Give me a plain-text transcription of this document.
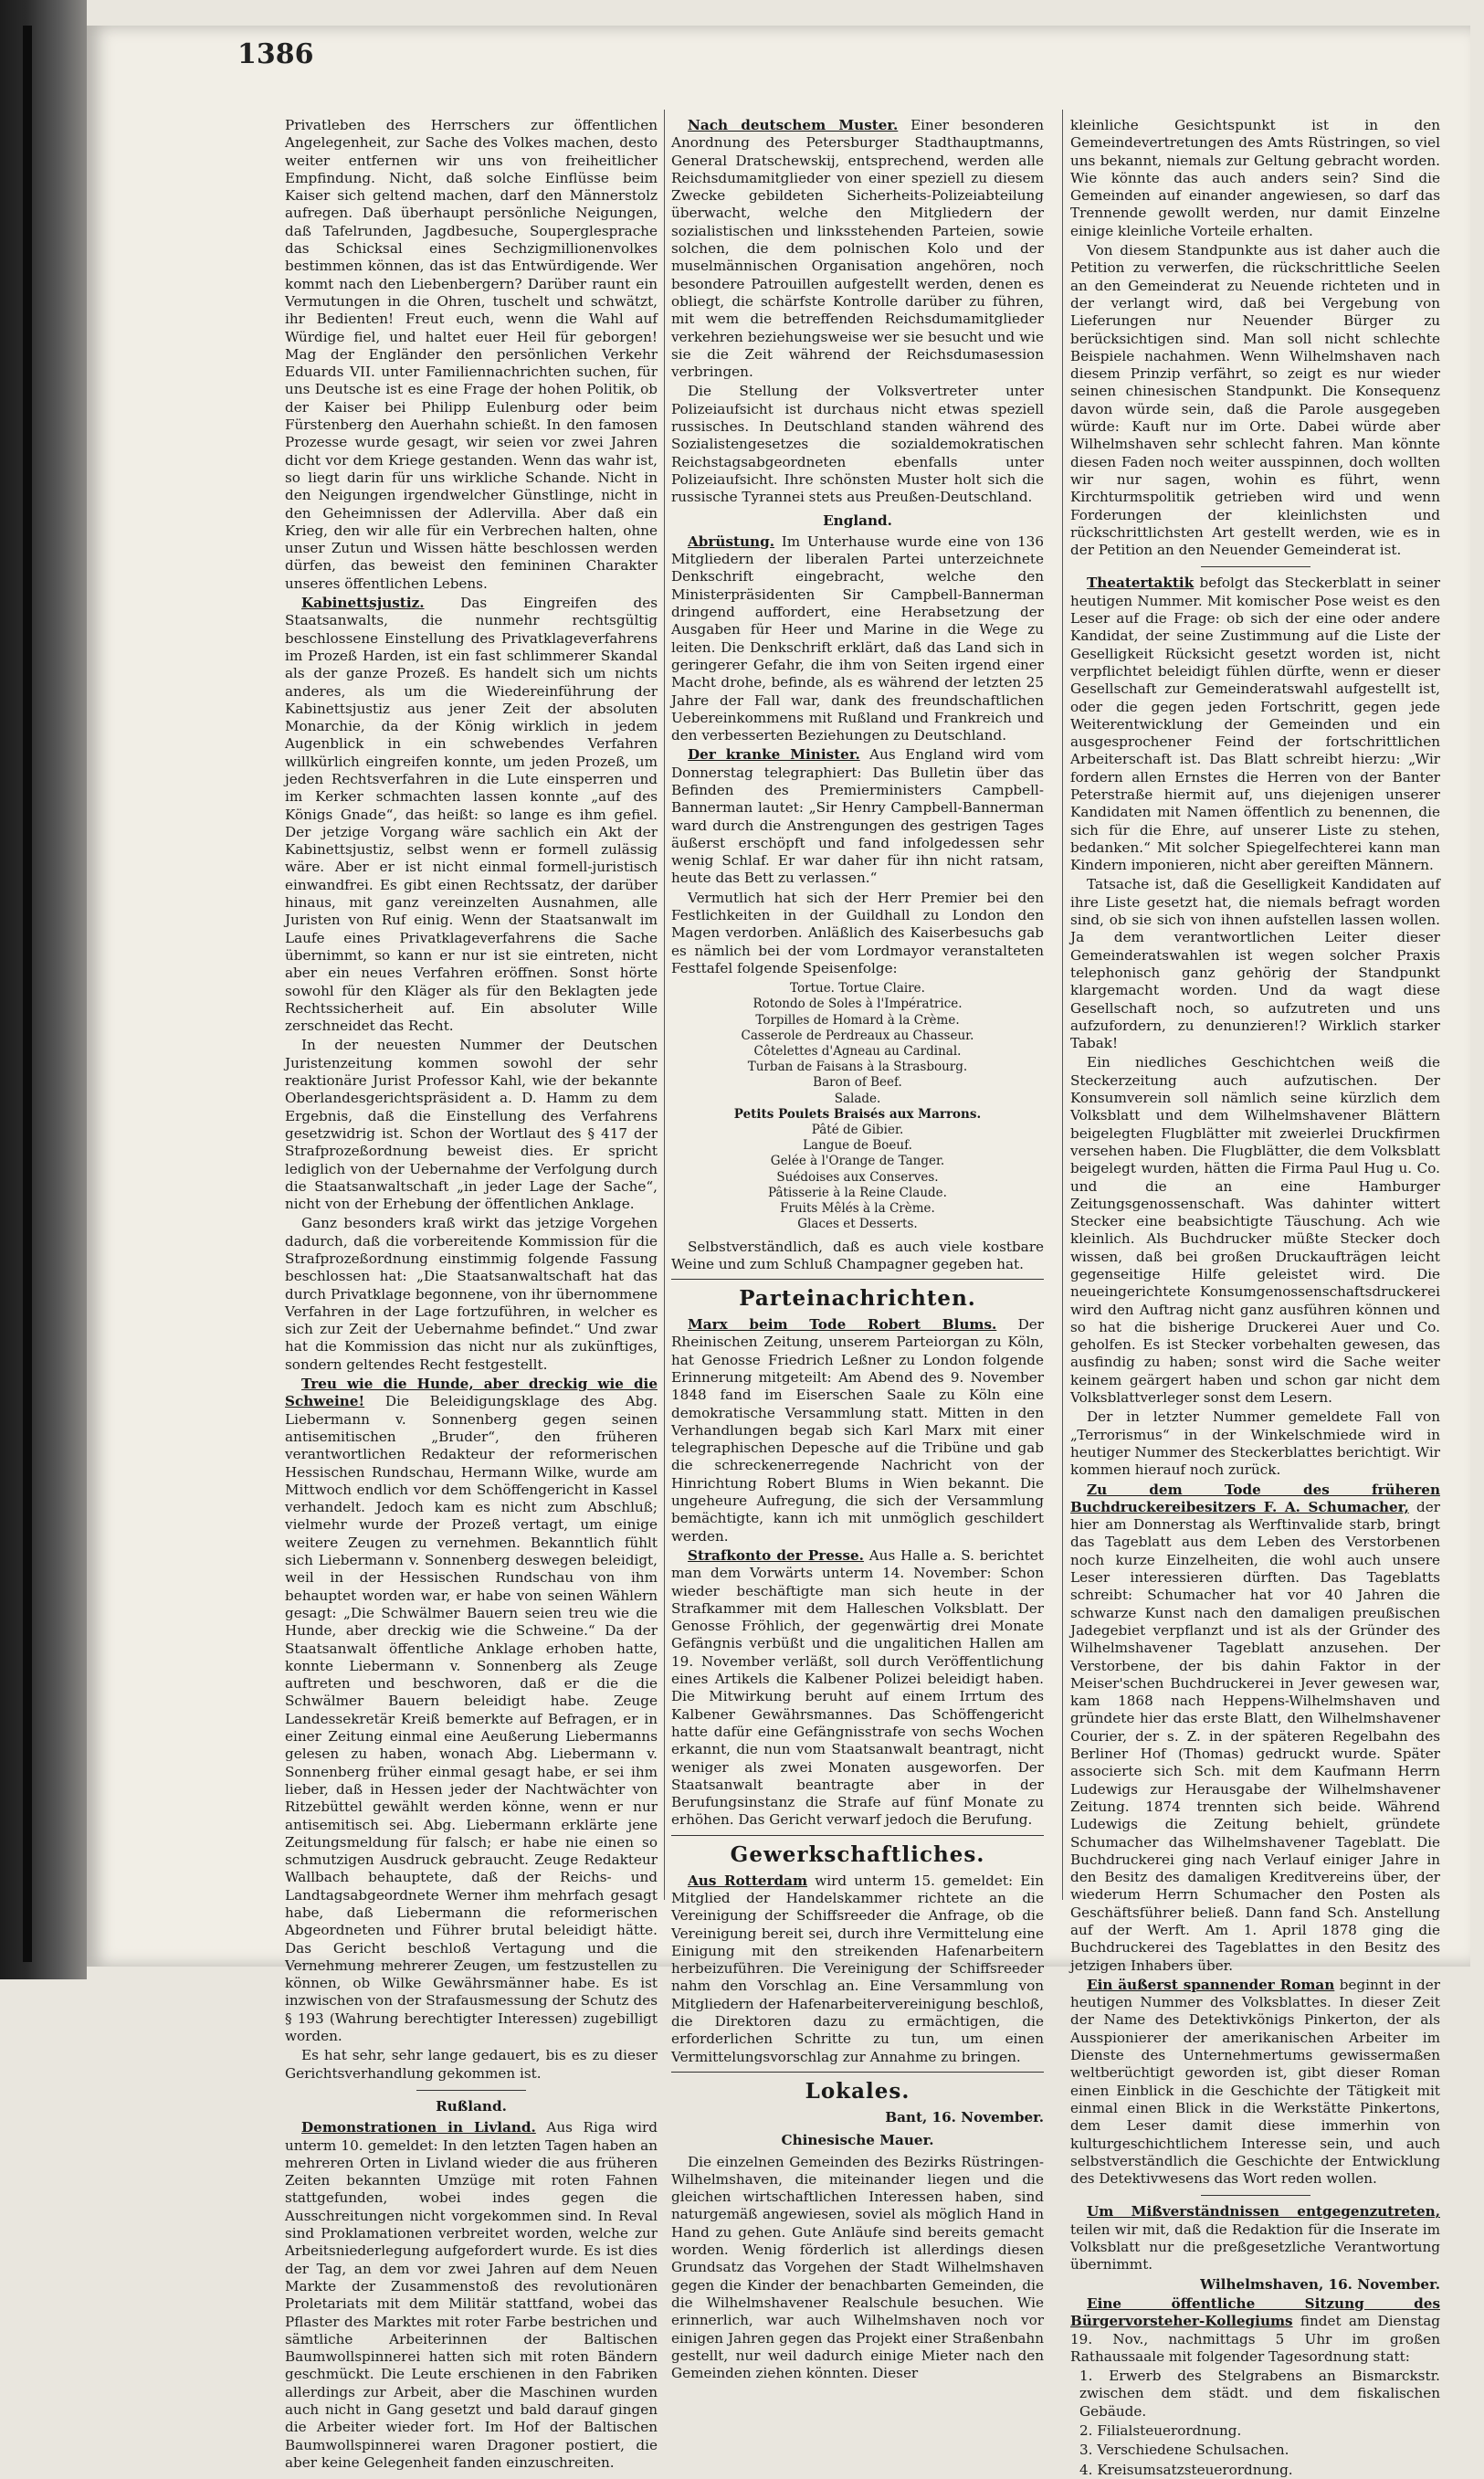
1386

Privatleben des Herrschers zur öffentlichen Angelegenheit, zur Sache des Volkes machen, desto weiter entfernen wir uns von freiheitlicher Empfindung. Nicht, daß solche Einflüsse beim Kaiser sich geltend machen, darf den Männerstolz aufregen. Daß überhaupt persönliche Neigungen, daß Tafelrunden, Jagdbesuche, Souperglesprache das Schicksal eines Sechzigmillionenvolkes bestimmen können, das ist das Entwürdigende. Wer kommt nach den Liebenbergern? Darüber raunt ein Vermutungen in die Ohren, tuschelt und schwätzt, ihr Bedienten! Freut euch, wenn die Wahl auf Würdige fiel, und haltet euer Heil für geborgen! Mag der Engländer den persönlichen Verkehr Eduards VII. unter Familiennachrichten suchen, für uns Deutsche ist es eine Frage der hohen Politik, ob der Kaiser bei Philipp Eulenburg oder beim Fürstenberg den Auerhahn schießt. In den famosen Prozesse wurde gesagt, wir seien vor zwei Jahren dicht vor dem Kriege gestanden. Wenn das wahr ist, so liegt darin für uns wirkliche Schande. Nicht in den Neigungen irgendwelcher Günstlinge, nicht in den Geheimnissen der Adlervilla. Aber daß ein Krieg, den wir alle für ein Verbrechen halten, ohne unser Zutun und Wissen hätte beschlossen werden dürfen, das beweist den femininen Charakter unseres öffentlichen Lebens.

Kabinettsjustiz.	Das Eingreifen des Staatsanwalts, die nunmehr rechtsgültig beschlossene Einstellung des Privatklageverfahrens im Prozeß Harden, ist ein fast schlimmerer Skandal als der ganze Prozeß. Es handelt sich um nichts anderes, als um die Wiedereinführung der Kabinettsjustiz aus jener Zeit der absoluten Monarchie, da der König wirklich in jedem Augenblick in ein schwebendes Verfahren willkürlich eingreifen konnte, um jeden Prozeß, um jeden Rechtsverfahren in die Lute einsperren und im Kerker schmachten lassen konnte „auf des Königs Gnade“, das heißt: so lange es ihm gefiel. Der jetzige Vorgang wäre sachlich ein Akt der Kabinettsjustiz, selbst wenn er formell zulässig wäre. Aber er ist nicht einmal formell-juristisch einwandfrei. Es gibt einen Rechtssatz, der darüber hinaus, mit ganz vereinzelten Ausnahmen, alle Juristen von Ruf einig. Wenn der Staatsanwalt im Laufe eines Privatklageverfahrens die Sache übernimmt, so kann er nur ist sie eintreten, nicht aber ein neues Verfahren eröffnen. Sonst hörte sowohl für den Kläger als für den Beklagten jede Rechtssicherheit auf. Ein absoluter Wille zerschneidet das Recht.

In der neuesten Nummer der Deutschen Juristenzeitung kommen sowohl der sehr reaktionäre Jurist Professor Kahl, wie der bekannte Oberlandesgerichtspräsident a. D. Hamm zu dem Ergebnis, daß die Einstellung des Verfahrens gesetzwidrig ist. Schon der Wortlaut des § 417 der Strafprozeßordnung beweist dies. Er spricht lediglich von der Uebernahme der Verfolgung durch die Staatsanwaltschaft „in jeder Lage der Sache“, nicht von der Erhebung der öffentlichen Anklage.

Ganz besonders kraß wirkt das jetzige Vorgehen dadurch, daß die vorbereitende Kommission für die Strafprozeßordnung einstimmig folgende Fassung beschlossen hat: „Die Staatsanwaltschaft hat das durch Privatklage begonnene, von ihr übernommene Verfahren in der Lage fortzuführen, in welcher es sich zur Zeit der Uebernahme befindet.“ Und zwar hat die Kommission das nicht nur als zukünftiges, sondern geltendes Recht festgestellt.

Treu wie die Hunde, aber dreckig wie die Schweine! Die Beleidigungsklage des Abg. Liebermann v. Sonnenberg gegen seinen antisemitischen „Bruder“, den früheren verantwortlichen Redakteur der reformerischen Hessischen Rundschau, Hermann Wilke, wurde am Mittwoch endlich vor dem Schöffengericht in Kassel verhandelt. Jedoch kam es nicht zum Abschluß; vielmehr wurde der Prozeß vertagt, um einige weitere Zeugen zu vernehmen. Bekanntlich fühlt sich Liebermann v. Sonnenberg deswegen beleidigt, weil in der Hessischen Rundschau von ihm behauptet worden war, er habe von seinen Wählern gesagt: „Die Schwälmer Bauern seien treu wie die Hunde, aber dreckig wie die Schweine.“ Da der Staatsanwalt öffentliche Anklage erhoben hatte, konnte Liebermann v. Sonnenberg als Zeuge auftreten und beschworen, daß er die die Schwälmer Bauern beleidigt habe. Zeuge Landessekretär Kreiß bemerkte auf Befragen, er in einer Zeitung einmal eine Aeußerung Liebermanns gelesen zu haben, wonach Abg. Liebermann v. Sonnenberg früher einmal gesagt habe, er sei ihm lieber, daß in Hessen jeder der Nachtwächter von Ritzebüttel gewählt werden könne, wenn er nur antisemitisch sei. Abg. Liebermann erklärte jene Zeitungsmeldung für falsch; er habe nie einen so schmutzigen Ausdruck gebraucht. Zeuge Redakteur Wallbach behauptete, daß der Reichs- und Landtagsabgeordnete Werner ihm mehrfach gesagt habe, daß Liebermann die reformerischen Abgeordneten und Führer brutal beleidigt hätte. Das Gericht beschloß Vertagung und die Vernehmung mehrerer Zeugen, um festzustellen zu können, ob Wilke Gewährsmänner habe. Es ist inzwischen von der Strafausmessung der Schutz des § 193 (Wahrung berechtigter Interessen) zugebilligt worden.

Es hat sehr, sehr lange gedauert, bis es zu dieser Gerichtsverhandlung gekommen ist.

Rußland.

Demonstrationen in Livland. Aus Riga wird unterm 10. gemeldet: In den letzten Tagen haben an mehreren Orten in Livland wieder die aus früheren Zeiten bekannten Umzüge mit roten Fahnen stattgefunden, wobei indes gegen die Ausschreitungen nicht vorgekommen sind. In Reval sind Proklamationen verbreitet worden, welche zur Arbeitsniederlegung aufgefordert wurde. Es ist dies der Tag, an dem vor zwei Jahren auf dem Neuen Markte der Zusammenstoß des revolutionären Proletariats mit dem Militär stattfand, wobei das Pflaster des Marktes mit roter Farbe bestrichen und sämtliche Arbeiterinnen der Baltischen Baumwollspinnerei hatten sich mit roten Bändern geschmückt. Die Leute erschienen in den Fabriken allerdings zur Arbeit, aber die Maschinen wurden auch nicht in Gang gesetzt und bald darauf gingen die Arbeiter wieder fort. Im Hof der Baltischen Baumwollspinnerei waren Dragoner postiert, die aber keine Gelegenheit fanden einzuschreiten.

Nach deutschem Muster. Einer besonderen Anordnung des Petersburger Stadthauptmanns, General Dratschewskij, entsprechend, werden alle Reichsdumamitglieder von einer speziell zu diesem Zwecke gebildeten Sicherheits-Polizeiabteilung überwacht, welche den Mitgliedern der sozialistischen und linksstehenden Parteien, sowie solchen, die dem polnischen Kolo und der muselmännischen Organisation angehören, noch besondere Patrouillen aufgestellt werden, denen es obliegt, die schärfste Kontrolle darüber zu führen, mit wem die betreffenden Reichsdumamitglieder verkehren beziehungsweise wer sie besucht und wie sie die Zeit während der Reichsdumasession verbringen.

Die Stellung der Volksvertreter unter Polizeiaufsicht ist durchaus nicht etwas speziell russisches. In Deutschland standen während des Sozialistengesetzes die sozialdemokratischen Reichstagsabgeordneten ebenfalls unter Polizeiaufsicht. Ihre schönsten Muster holt sich die russische Tyrannei stets aus Preußen-Deutschland.

England.

Abrüstung. Im Unterhause wurde eine von 136 Mitgliedern der liberalen Partei unterzeichnete Denkschrift eingebracht, welche den Ministerpräsidenten Sir Campbell-Bannerman dringend auffordert, eine Herabsetzung der Ausgaben für Heer und Marine in die Wege zu leiten. Die Denkschrift erklärt, daß das Land sich in geringerer Gefahr, die ihm von Seiten irgend einer Macht drohe, befinde, als es während der letzten 25 Jahre der Fall war, dank des freundschaftlichen Uebereinkommens mit Rußland und Frankreich und den verbesserten Beziehungen zu Deutschland.

Der kranke Minister. Aus England wird vom Donnerstag telegraphiert: Das Bulletin über das Befinden des Premierministers Campbell-Bannerman lautet: „Sir Henry Campbell-Bannerman ward durch die Anstrengungen des gestrigen Tages äußerst erschöpft und fand infolgedessen sehr wenig Schlaf. Er war daher für ihn nicht ratsam, heute das Bett zu verlassen.“

Vermutlich hat sich der Herr Premier bei den Festlichkeiten in der Guildhall zu London den Magen verdorben. Anläßlich des Kaiserbesuchs gab es nämlich bei der vom Lordmayor veranstalteten Festtafel folgende Speisenfolge:

Tortue. Tortue Claire.
Rotondo de Soles à l'Impératrice.
Torpilles de Homard à la Crème.
Casserole de Perdreaux au Chasseur.
Côtelettes d'Agneau au Cardinal.
Turban de Faisans à la Strasbourg.
Baron of Beef.
Salade.
Petits Poulets Braisés aux Marrons.
Pâté de Gibier.
Langue de Boeuf.
Gelée à l'Orange de Tanger.
Suédoises aux Conserves.
Pâtisserie à la Reine Claude.
Fruits Mêlés à la Crème.
Glaces et Desserts.

Selbstverständlich, daß es auch viele kostbare Weine und zum Schluß Champagner gegeben hat.

Parteinachrichten.

Marx beim Tode Robert Blums. Der Rheinischen Zeitung, unserem Parteiorgan zu Köln, hat Genosse Friedrich Leßner zu London folgende Erinnerung mitgeteilt: Am Abend des 9. November 1848 fand im Eiserschen Saale zu Köln eine demokratische Versammlung statt. Mitten in den Verhandlungen begab sich Karl Marx mit einer telegraphischen Depesche auf die Tribüne und gab die schreckenerregende Nachricht von der Hinrichtung Robert Blums in Wien bekannt. Die ungeheure Aufregung, die sich der Versammlung bemächtigte, kann ich mit unmöglich geschildert werden.

Strafkonto der Presse. Aus Halle a. S. berichtet man dem Vorwärts unterm 14. November: Schon wieder beschäftigte man sich heute in der Strafkammer mit dem Halleschen Volksblatt. Der Genosse Fröhlich, der gegenwärtig drei Monate Gefängnis verbüßt und die ungalitichen Hallen am 19. November verläßt, soll durch Veröffentlichung eines Artikels die Kalbener Polizei beleidigt haben. Die Mitwirkung beruht auf einem Irrtum des Kalbener Gewährsmannes. Das Schöffengericht hatte dafür eine Gefängnisstrafe von sechs Wochen erkannt, die nun vom Staatsanwalt beantragt, nicht weniger als zwei Monaten ausgeworfen. Der Staatsanwalt beantragte aber in der Berufungsinstanz die Strafe auf fünf Monate zu erhöhen. Das Gericht verwarf jedoch die Berufung.

Gewerkschaftliches.

Aus Rotterdam wird unterm 15. gemeldet: Ein Mitglied der Handelskammer richtete an die Vereinigung der Schiffsreeder die Anfrage, ob die Vereinigung bereit sei, durch ihre Vermittelung eine Einigung mit den streikenden Hafenarbeitern herbeizuführen. Die Vereinigung der Schiffsreeder nahm den Vorschlag an. Eine Versammlung von Mitgliedern der Hafenarbeitervereinigung beschloß, die Direktoren dazu zu ermächtigen, die erforderlichen Schritte zu tun, um einen Vermittelungsvorschlag zur Annahme zu bringen.

Lokales.
Bant, 16. November.
Chinesische Mauer.

Die einzelnen Gemeinden des Bezirks Rüstringen-Wilhelmshaven, die miteinander liegen und die gleichen wirtschaftlichen Interessen haben, sind naturgemäß angewiesen, soviel als möglich Hand in Hand zu gehen. Gute Anläufe sind bereits gemacht worden. Wenig förderlich ist allerdings diesen Grundsatz das Vorgehen der Stadt Wilhelmshaven gegen die Kinder der benachbarten Gemeinden, die die Wilhelmshavener Realschule besuchen. Wie erinnerlich, war auch Wilhelmshaven noch vor einigen Jahren gegen das Projekt einer Straßenbahn gestellt, nur weil dadurch einige Mieter nach den Gemeinden ziehen könnten. Dieser

kleinliche Gesichtspunkt ist in den Gemeindevertretungen des Amts Rüstringen, so viel uns bekannt, niemals zur Geltung gebracht worden. Wie könnte das auch anders sein? Sind die Gemeinden auf einander angewiesen, so darf das Trennende gewollt werden, nur damit Einzelne einige kleinliche Vorteile erhalten.

Von diesem Standpunkte aus ist daher auch die Petition zu verwerfen, die rückschrittliche Seelen an den Gemeinderat zu Neuende richteten und in der verlangt wird, daß bei Vergebung von Lieferungen nur Neuender Bürger zu berücksichtigen sind. Man soll nicht schlechte Beispiele nachahmen. Wenn Wilhelmshaven nach diesem Prinzip verfährt, so zeigt es nur wieder seinen chinesischen Standpunkt. Die Konsequenz davon würde sein, daß die Parole ausgegeben würde: Kauft nur im Orte. Dabei würde aber Wilhelmshaven sehr schlecht fahren. Man könnte diesen Faden noch weiter ausspinnen, doch wollten wir nur sagen, wohin es führt, wenn Kirchturmspolitik getrieben wird und wenn Forderungen der kleinlichsten und rückschrittlichsten Art gestellt werden, wie es in der Petition an den Neuender Gemeinderat ist.

Theatertaktik befolgt das Steckerblatt in seiner heutigen Nummer. Mit komischer Pose weist es den Leser auf die Frage: ob sich der eine oder andere Kandidat, der seine Zustimmung auf die Liste der Geselligkeit Rücksicht gesetzt worden ist, nicht verpflichtet beleidigt fühlen dürfte, wenn er dieser Gesellschaft zur Gemeinderatswahl aufgestellt ist, oder die gegen jeden Fortschritt, gegen jede Weiterentwicklung der Gemeinden und ein ausgesprochener Feind der fortschrittlichen Arbeiterschaft ist. Das Blatt schreibt hierzu: „Wir fordern allen Ernstes die Herren von der Banter Peterstraße hiermit auf, uns diejenigen unserer Kandidaten mit Namen öffentlich zu benennen, die sich für die Ehre, auf unserer Liste zu stehen, bedanken.“ Mit solcher Spiegelfechterei kann man Kindern imponieren, nicht aber gereiften Männern.

Tatsache ist, daß die Geselligkeit Kandidaten auf ihre Liste gesetzt hat, die niemals befragt worden sind, ob sie sich von ihnen aufstellen lassen wollen. Ja dem verantwortlichen Leiter dieser Gemeinderatswahlen ist wegen solcher Praxis telephonisch ganz gehörig der Standpunkt klargemacht worden. Und da wagt diese Gesellschaft noch, so aufzutreten und uns aufzufordern, zu denunzieren!? Wirklich starker Tabak!

Ein niedliches Geschichtchen weiß die Steckerzeitung auch aufzutischen. Der Konsumverein soll nämlich seine kürzlich dem Volksblatt und dem Wilhelmshavener Blättern beigelegten Flugblätter mit zweierlei Druckfirmen versehen haben. Die Flugblätter, die dem Volksblatt beigelegt wurden, hätten die Firma Paul Hug u. Co. und die an eine Hamburger Zeitungsgenossenschaft. Was dahinter wittert Stecker eine beabsichtigte Täuschung. Ach wie kleinlich. Als Buchdrucker müßte Stecker doch wissen, daß bei großen Druckaufträgen leicht gegenseitige Hilfe geleistet wird. Die neueingerichtete Konsumgenossenschaftsdruckerei wird den Auftrag nicht ganz ausführen können und so hat die bisherige Druckerei Auer und Co. geholfen. Es ist Stecker vorbehalten gewesen, das ausfindig zu haben; sonst wird die Sache weiter keinem geärgert haben und schon gar nicht dem Volksblattverleger sonst dem Lesern.

Der in letzter Nummer gemeldete Fall von „Terrorismus“ in der Winkelschmiede wird in heutiger Nummer des Steckerblattes berichtigt. Wir kommen hierauf noch zurück.

Zu dem Tode des früheren Buchdruckereibesitzers F. A. Schumacher, der hier am Donnerstag als Werftinvalide starb, bringt das Tageblatt aus dem Leben des Verstorbenen noch kurze Einzelheiten, die wohl auch unsere Leser interessieren dürften. Das Tageblatts schreibt: Schumacher hat vor 40 Jahren die schwarze Kunst nach den damaligen preußischen Jadegebiet verpflanzt und ist als der Gründer des Wilhelmshavener Tageblatt anzusehen. Der Verstorbene, der bis dahin Faktor in der Meiser'schen Buchdruckerei in Jever gewesen war, kam 1868 nach Heppens-Wilhelmshaven und gründete hier das erste Blatt, den Wilhelmshavener Courier, der s. Z. in der späteren Regelbahn des Berliner Hof (Thomas) gedruckt wurde. Später associerte sich Sch. mit dem Kaufmann Herrn Ludewigs zur Herausgabe der Wilhelmshavener Zeitung. 1874 trennten sich beide. Während Ludewigs die Zeitung behielt, gründete Schumacher das Wilhelmshavener Tageblatt. Die Buchdruckerei ging nach Verlauf einiger Jahre in den Besitz des damaligen Kreditvereins über, der wiederum Herrn Schumacher den Posten als Geschäftsführer beließ. Dann fand Sch. Anstellung auf der Werft. Am 1. April 1878 ging die Buchdruckerei des Tageblattes in den Besitz des jetzigen Inhabers über.

Ein äußerst spannender Roman beginnt in der heutigen Nummer des Volksblattes. In dieser Zeit der Name des Detektivkönigs Pinkerton, der als Ausspionierer der amerikanischen Arbeiter im Dienste des Unternehmertums gewissermaßen weltberüchtigt geworden ist, gibt dieser Roman einen Einblick in die Geschichte der Tätigkeit mit einmal einen Blick in die Werkstätte Pinkertons, dem Leser damit diese immerhin von kulturgeschichtlichem Interesse sein, und auch selbstverständlich die Geschichte der Entwicklung des Detektivwesens das Wort reden wollen.

Um Mißverständnissen entgegenzutreten, teilen wir mit, daß die Redaktion für die Inserate im Volksblatt nur die preßgesetzliche Verantwortung übernimmt.

Wilhelmshaven, 16. November.

Eine öffentliche Sitzung des Bürgervorsteher-Kollegiums findet am Dienstag 19. Nov., nachmittags 5 Uhr im großen Rathaussaale mit folgender Tagesordnung statt:

1. Erwerb des Stelgrabens an Bismarckstr. zwischen dem städt. und dem fiskalischen Gebäude.
2. Filialsteuerordnung.
3. Verschiedene Schulsachen.
4. Kreisumsatzsteuerordnung.
